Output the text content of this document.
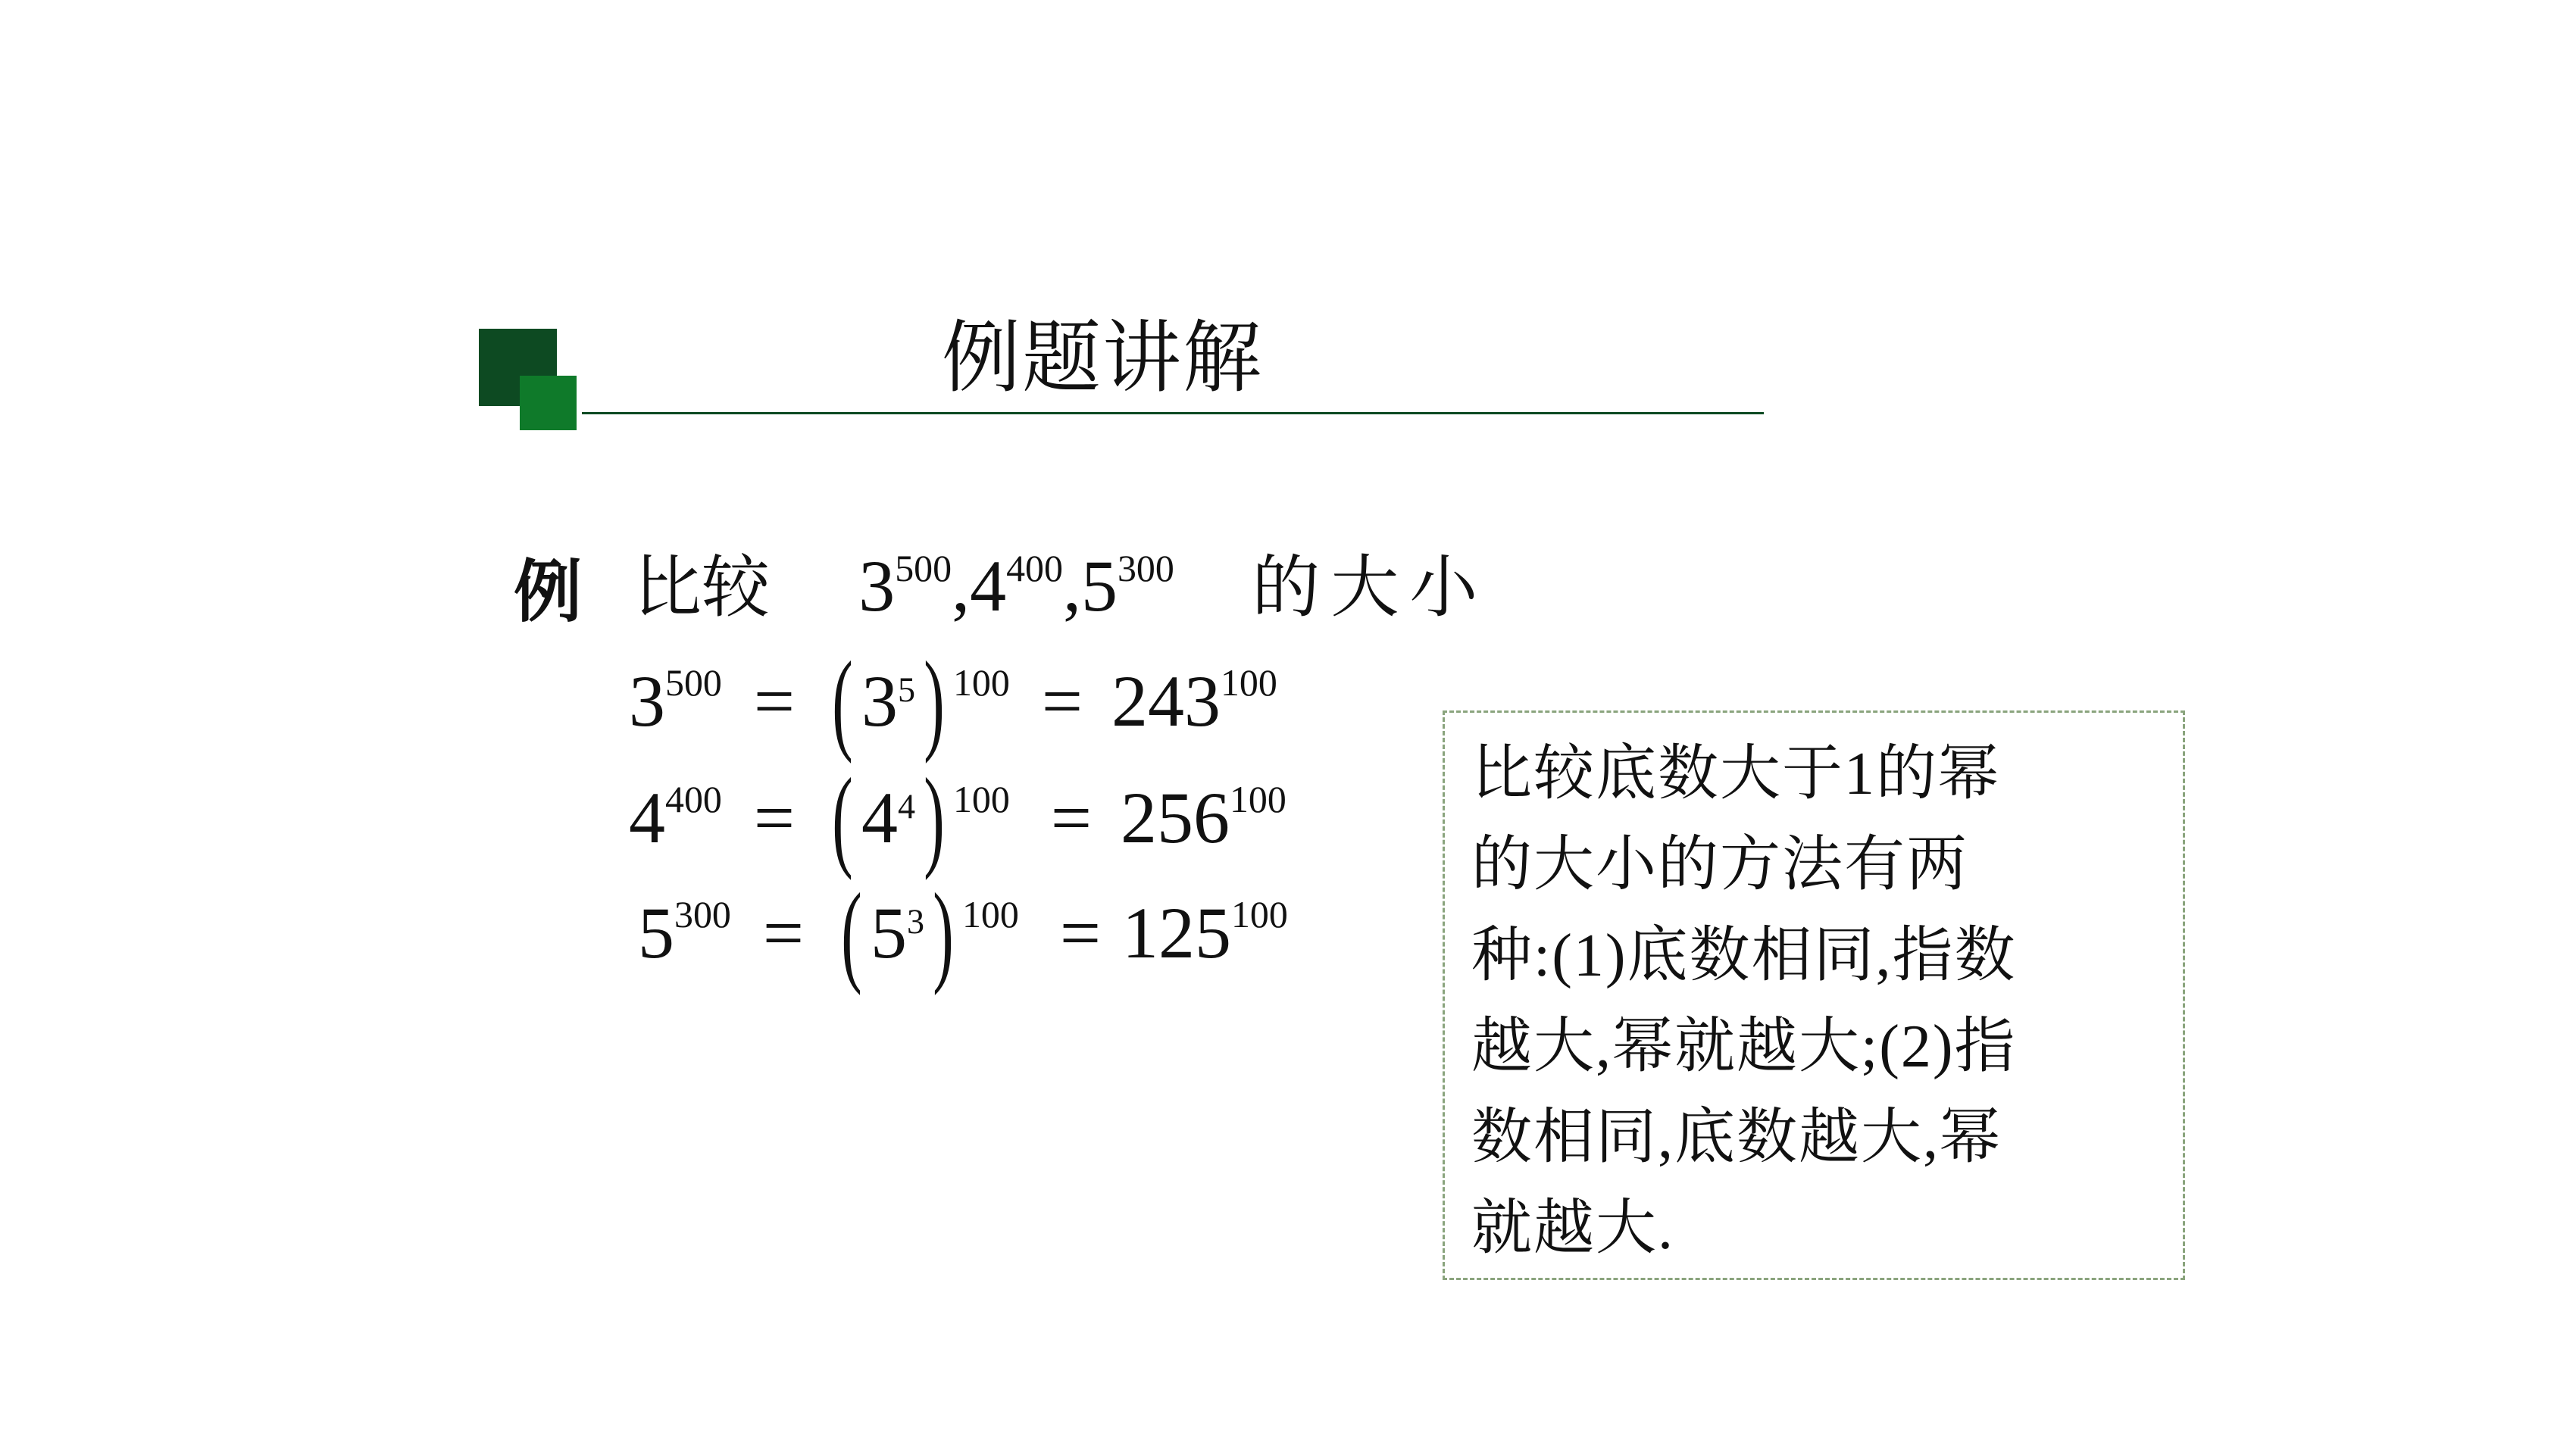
例题讲解
例 比较 $3^{500},4^{400},5^{300}$ 的大小
$3^{500}$ = ( $3^5$) $^{100} = 243^{100}$
$4^{400}$ = ( $4^4$) $^{100} = 256^{100}$
$5^{300}$ = ( $5^3$) $^{100} = 125^{100}$
比较底数大于1的幂
的大小的方法有两
种:(1)底数相同,指数
越大,幂就越大;(2)指
数相同,底数越大,幂
就越大.
